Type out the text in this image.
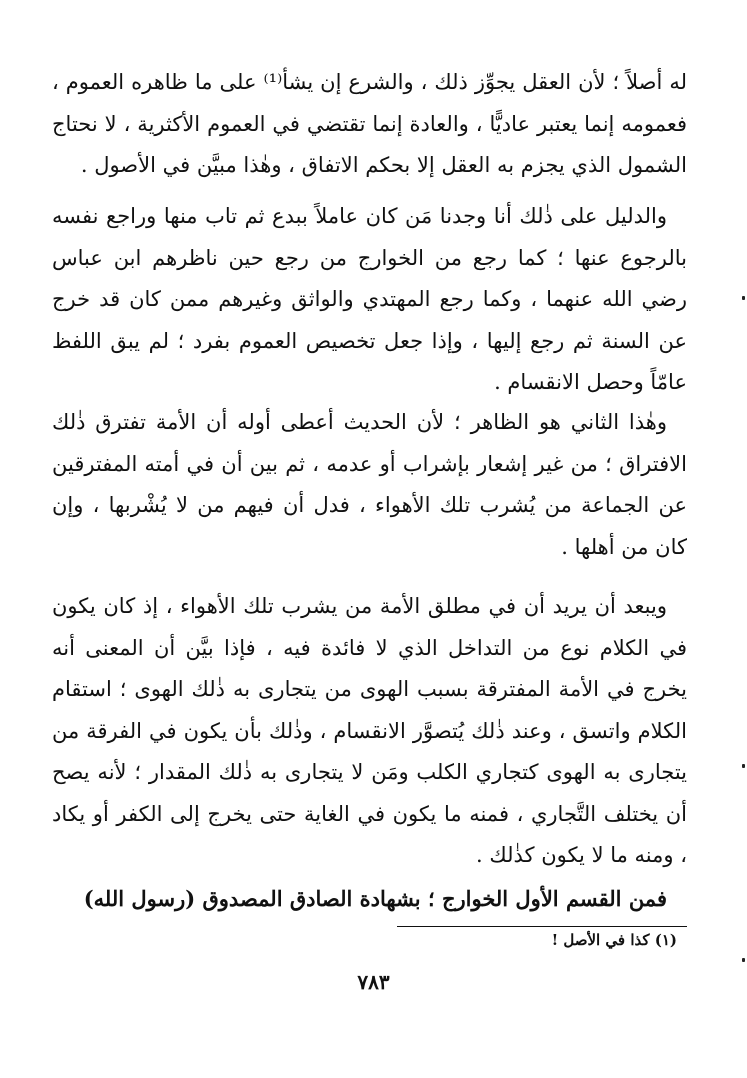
له أصلاً ؛ لأن العقل يجوِّز ذلك ، والشرع إن يشأ⁽¹⁾ على ما ظاهره العموم ، فعمومه إنما يعتبر عاديًّا ، والعادة إنما تقتضي في العموم الأكثرية ، لا نحتاج الشمول الذي يجزم به العقل إلا بحكم الاتفاق ، وهٰذا مبيَّن في الأصول .

والدليل على ذٰلك أنا وجدنا مَن كان عاملاً ببدع ثم تاب منها وراجع نفسه بالرجوع عنها ؛ كما رجع من الخوارج من رجع حين ناظرهم ابن عباس رضي الله عنهما ، وكما رجع المهتدي والواثق وغيرهم ممن كان قد خرج عن السنة ثم رجع إليها ، وإذا جعل تخصيص العموم بفرد ؛ لم يبق اللفظ عامّاً وحصل الانقسام .

وهٰذا الثاني هو الظاهر ؛ لأن الحديث أعطى أوله أن الأمة تفترق ذٰلك الافتراق ؛ من غير إشعار بإشراب أو عدمه ، ثم بين أن في أمته المفترقين عن الجماعة من يُشرب تلك الأهواء ، فدل أن فيهم من لا يُشْربها ، وإن كان من أهلها .

ويبعد أن يريد أن في مطلق الأمة من يشرب تلك الأهواء ، إذ كان يكون في الكلام نوع من التداخل الذي لا فائدة فيه ، فإذا بيَّن أن المعنى أنه يخرج في الأمة المفترقة بسبب الهوى من يتجارى به ذٰلك الهوى ؛ استقام الكلام واتسق ، وعند ذٰلك يُتصوَّر الانقسام ، وذٰلك بأن يكون في الفرقة من يتجارى به الهوى كتجاري الكلب ومَن لا يتجارى به ذٰلك المقدار ؛ لأنه يصح أن يختلف التَّجاري ، فمنه ما يكون في الغاية حتى يخرج إلى الكفر أو يكاد ، ومنه ما لا يكون كذٰلك .

فمن القسم الأول الخوارج ؛ بشهادة الصادق المصدوق (رسول الله)

(١) كذا في الأصل !
٧٨٣
